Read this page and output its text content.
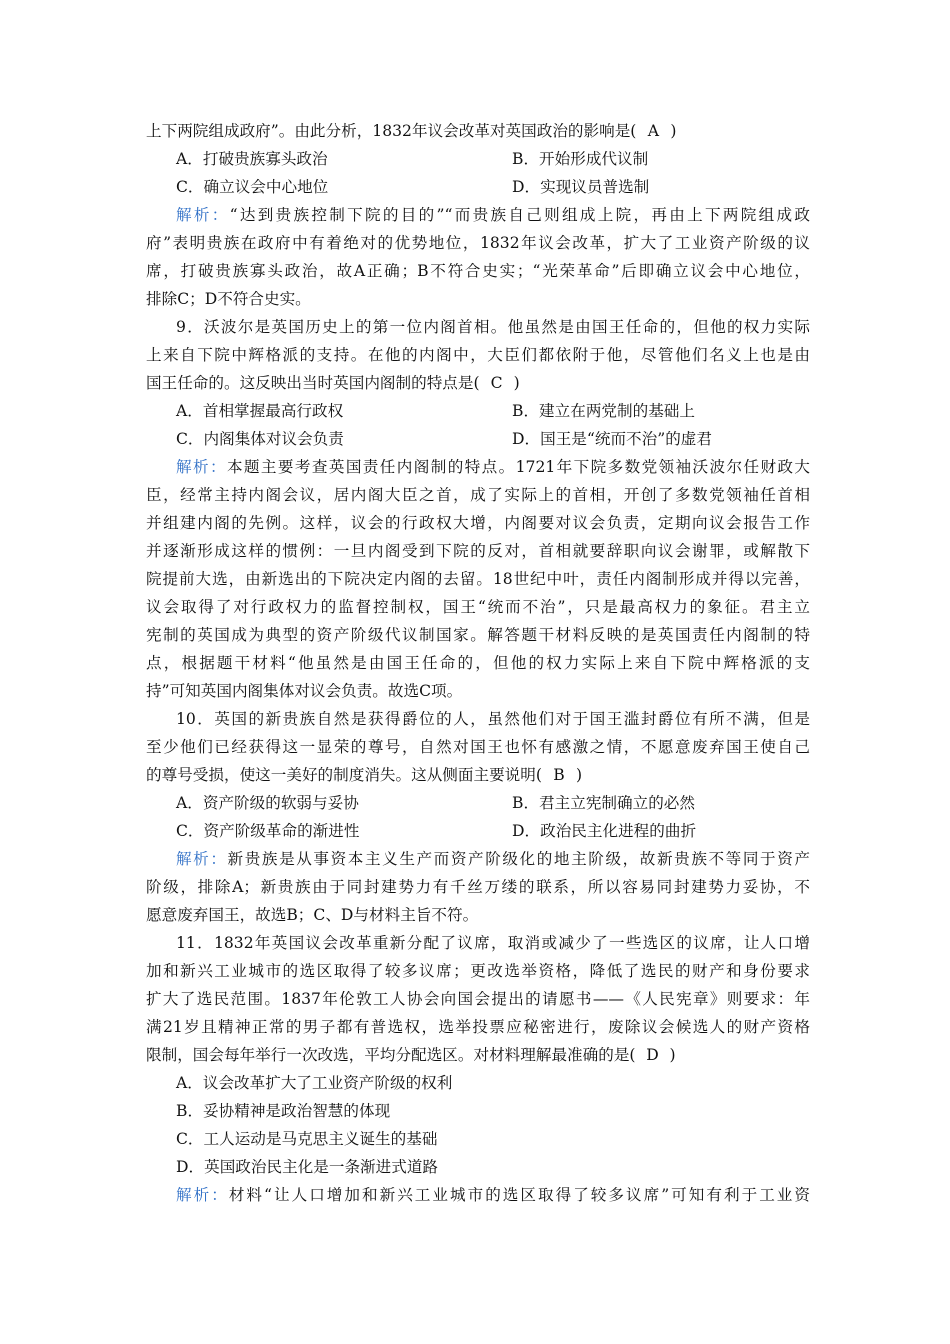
上下两院组成政府”。由此分析，1832年议会改革对英国政治的影响是( A )
A．打破贵族寡头政治	B．开始形成代议制
C．确立议会中心地位	D．实现议员普选制
解析：“达到贵族控制下院的目的”“而贵族自己则组成上院，再由上下两院组成政
府”表明贵族在政府中有着绝对的优势地位，1832年议会改革，扩大了工业资产阶级的议
席，打破贵族寡头政治，故A正确；B不符合史实；“光荣革命”后即确立议会中心地位，
排除C；D不符合史实。
9．沃波尔是英国历史上的第一位内阁首相。他虽然是由国王任命的，但他的权力实际
上来自下院中辉格派的支持。在他的内阁中，大臣们都依附于他，尽管他们名义上也是由
国王任命的。这反映出当时英国内阁制的特点是( C )
A．首相掌握最高行政权	B．建立在两党制的基础上
C．内阁集体对议会负责	D．国王是“统而不治”的虚君
解析：本题主要考查英国责任内阁制的特点。1721年下院多数党领袖沃波尔任财政大
臣，经常主持内阁会议，居内阁大臣之首，成了实际上的首相，开创了多数党领袖任首相
并组建内阁的先例。这样，议会的行政权大增，内阁要对议会负责，定期向议会报告工作
并逐渐形成这样的惯例：一旦内阁受到下院的反对，首相就要辞职向议会谢罪，或解散下
院提前大选，由新选出的下院决定内阁的去留。18世纪中叶，责任内阁制形成并得以完善，
议会取得了对行政权力的监督控制权，国王“统而不治”，只是最高权力的象征。君主立
宪制的英国成为典型的资产阶级代议制国家。解答题干材料反映的是英国责任内阁制的特
点，根据题干材料“他虽然是由国王任命的，但他的权力实际上来自下院中辉格派的支
持”可知英国内阁集体对议会负责。故选C项。
10．英国的新贵族自然是获得爵位的人，虽然他们对于国王滥封爵位有所不满，但是
至少他们已经获得这一显荣的尊号，自然对国王也怀有感激之情，不愿意废弃国王使自己
的尊号受损，使这一美好的制度消失。这从侧面主要说明( B )
A．资产阶级的软弱与妥协	B．君主立宪制确立的必然
C．资产阶级革命的渐进性	D．政治民主化进程的曲折
解析：新贵族是从事资本主义生产而资产阶级化的地主阶级，故新贵族不等同于资产
阶级，排除A；新贵族由于同封建势力有千丝万缕的联系，所以容易同封建势力妥协，不
愿意废弃国王，故选B；C、D与材料主旨不符。
11．1832年英国议会改革重新分配了议席，取消或减少了一些选区的议席，让人口增
加和新兴工业城市的选区取得了较多议席；更改选举资格，降低了选民的财产和身份要求
扩大了选民范围。1837年伦敦工人协会向国会提出的请愿书——《人民宪章》则要求：年
满21岁且精神正常的男子都有普选权，选举投票应秘密进行，废除议会候选人的财产资格
限制，国会每年举行一次改选，平均分配选区。对材料理解最准确的是( D )
A．议会改革扩大了工业资产阶级的权利
B．妥协精神是政治智慧的体现
C．工人运动是马克思主义诞生的基础
D．英国政治民主化是一条渐进式道路
解析：材料“让人口增加和新兴工业城市的选区取得了较多议席”可知有利于工业资
